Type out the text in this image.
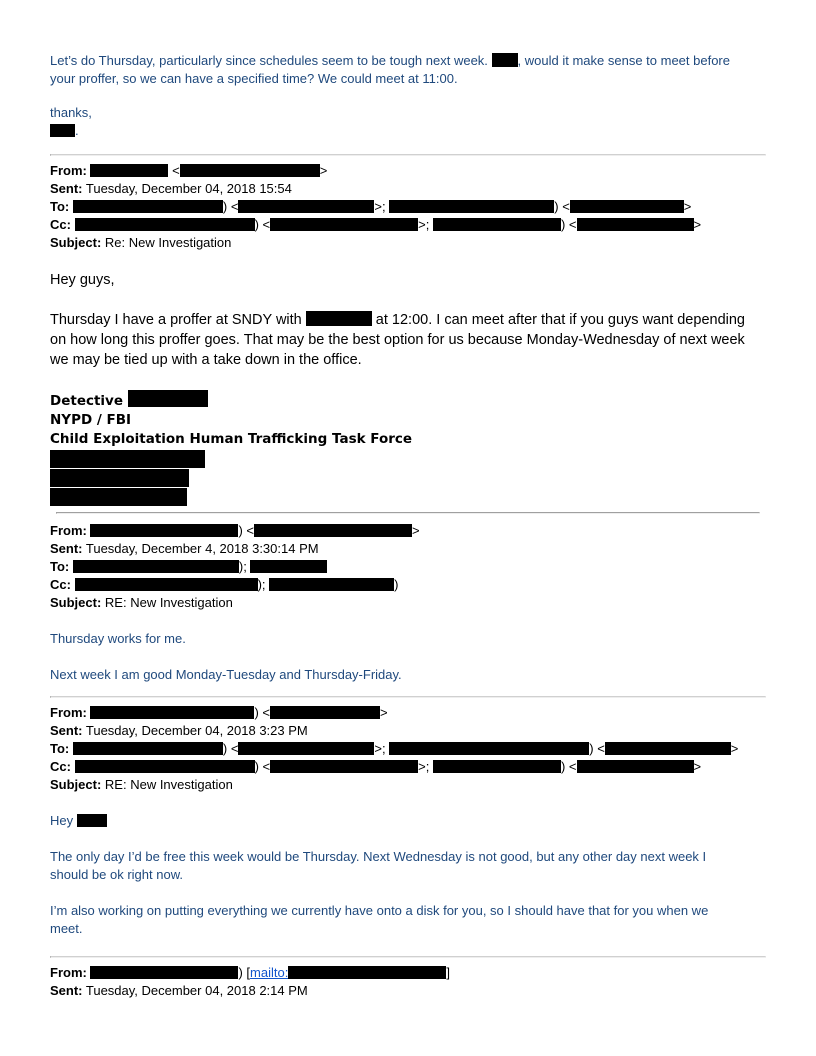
Let’s do Thursday, particularly since schedules seem to be tough next week. , would it make sense to meet before
your proffer, so we can have a specified time? We could meet at 11:00.
thanks,
.
From:	<	>
Sent: Tuesday, December 04, 2018 15:54
To:	) <	>;	) <	>
Cc:	) <	>;	) <	>
Subject: Re: New Investigation
Hey guys,
Thursday I have a proffer at SNDY with	at 12:00. I can meet after that if you guys want depending
on how long this proffer goes. That may be the best option for us because Monday-Wednesday of next week
we may be tied up with a take down in the office.
Detective
NYPD / FBI
Child Exploitation Human Trafficking Task Force
From:	) <	>
Sent: Tuesday, December 4, 2018 3:30:14 PM
To:	);
Cc:	);	)
Subject: RE: New Investigation
Thursday works for me.
Next week I am good Monday-Tuesday and Thursday-Friday.
From:	) <	>
Sent: Tuesday, December 04, 2018 3:23 PM
To:	) <	>;	) <	>
Cc:	) <	>;	) <	>
Subject: RE: New Investigation
Hey
The only day I’d be free this week would be Thursday. Next Wednesday is not good, but any other day next week I
should be ok right now.
I’m also working on putting everything we currently have onto a disk for you, so I should have that for you when we
meet.
From:	) [mailto:	]
Sent: Tuesday, December 04, 2018 2:14 PM
